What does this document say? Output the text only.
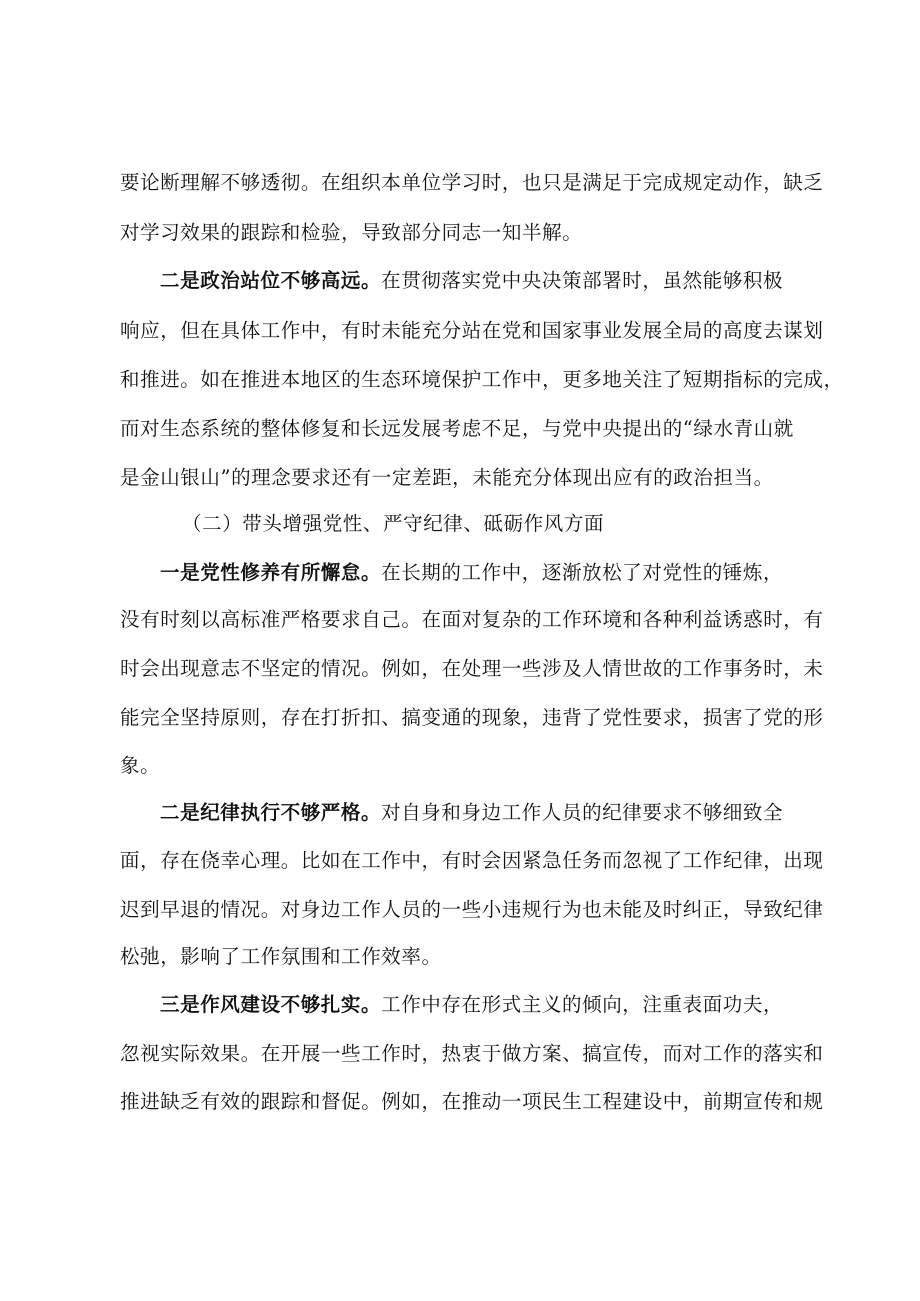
要论断理解不够透彻。在组织本单位学习时，也只是满足于完成规定动作，缺乏
对学习效果的跟踪和检验，导致部分同志一知半解。
二是政治站位不够高远。在贯彻落实党中央决策部署时，虽然能够积极
响应，但在具体工作中，有时未能充分站在党和国家事业发展全局的高度去谋划
和推进。如在推进本地区的生态环境保护工作中，更多地关注了短期指标的完成，
而对生态系统的整体修复和长远发展考虑不足，与党中央提出的“绿水青山就
是金山银山”的理念要求还有一定差距，未能充分体现出应有的政治担当。
（二）带头增强党性、严守纪律、砥砺作风方面
一是党性修养有所懈怠。在长期的工作中，逐渐放松了对党性的锤炼，
没有时刻以高标准严格要求自己。在面对复杂的工作环境和各种利益诱惑时，有
时会出现意志不坚定的情况。例如，在处理一些涉及人情世故的工作事务时，未
能完全坚持原则，存在打折扣、搞变通的现象，违背了党性要求，损害了党的形
象。
二是纪律执行不够严格。对自身和身边工作人员的纪律要求不够细致全
面，存在侥幸心理。比如在工作中，有时会因紧急任务而忽视了工作纪律，出现
迟到早退的情况。对身边工作人员的一些小违规行为也未能及时纠正，导致纪律
松弛，影响了工作氛围和工作效率。
三是作风建设不够扎实。工作中存在形式主义的倾向，注重表面功夫，
忽视实际效果。在开展一些工作时，热衷于做方案、搞宣传，而对工作的落实和
推进缺乏有效的跟踪和督促。例如，在推动一项民生工程建设中，前期宣传和规
